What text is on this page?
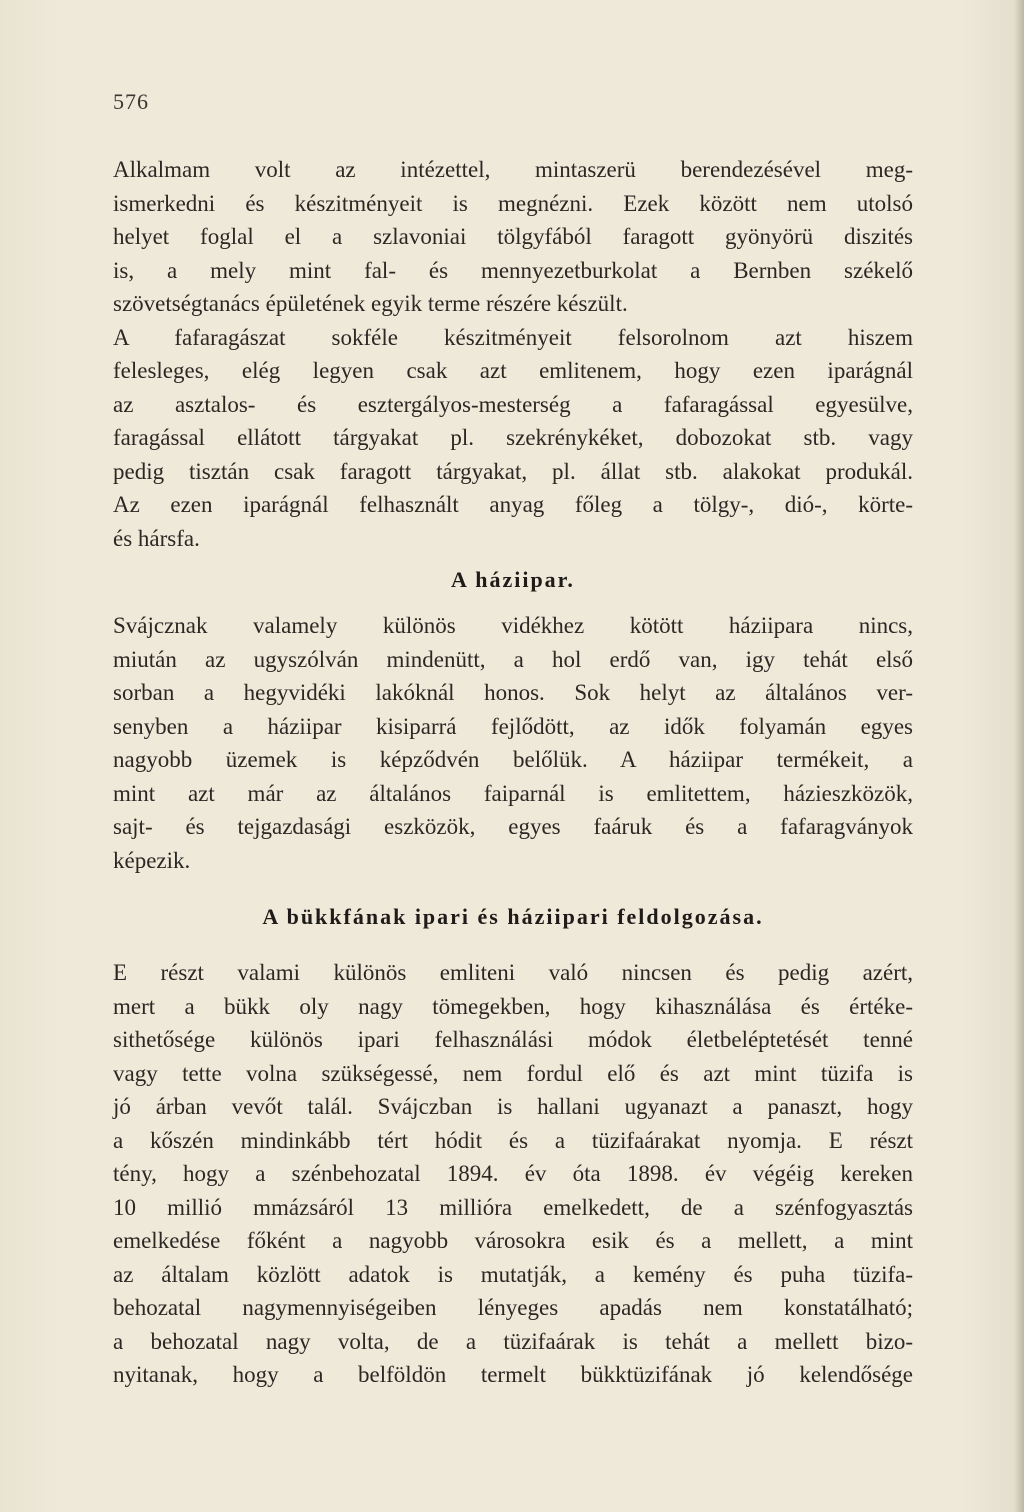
576
Alkalmam volt az intézettel, mintaszerü berendezésével meg-
ismerkedni és készitményeit is megnézni. Ezek között nem utolsó
helyet foglal el a szlavoniai tölgyfából faragott gyönyörü diszités
is, a mely mint fal- és mennyezetburkolat a Bernben székelő
szövetségtanács épületének egyik terme részére készült.
A fafaragászat sokféle készitményeit felsorolnom azt hiszem
felesleges, elég legyen csak azt emlitenem, hogy ezen iparágnál
az asztalos- és esztergályos-mesterség a fafaragással egyesülve,
faragással ellátott tárgyakat pl. szekrénykéket, dobozokat stb. vagy
pedig tisztán csak faragott tárgyakat, pl. állat stb. alakokat produkál.
Az ezen iparágnál felhasznált anyag főleg a tölgy-, dió-, körte-
és hársfa.
A háziipar.
Svájcznak valamely különös vidékhez kötött háziipara nincs,
miután az ugyszólván mindenütt, a hol erdő van, igy tehát első
sorban a hegyvidéki lakóknál honos. Sok helyt az általános ver-
senyben a háziipar kisiparrá fejlődött, az idők folyamán egyes
nagyobb üzemek is képződvén belőlük. A háziipar termékeit, a
mint azt már az általános faiparnál is emlitettem, házieszközök,
sajt- és tejgazdasági eszközök, egyes faáruk és a fafaragványok
képezik.
A bükkfának ipari és háziipari feldolgozása.
E részt valami különös emliteni való nincsen és pedig azért,
mert a bükk oly nagy tömegekben, hogy kihasználása és értéke-
sithetősége különös ipari felhasználási módok életbeléptetését tenné
vagy tette volna szükségessé, nem fordul elő és azt mint tüzifa is
jó árban vevőt talál. Svájczban is hallani ugyanazt a panaszt, hogy
a kőszén mindinkább tért hódit és a tüzifaárakat nyomja. E részt
tény, hogy a szénbehozatal 1894. év óta 1898. év végéig kereken
10 millió mmázsáról 13 millióra emelkedett, de a szénfogyasztás
emelkedése főként a nagyobb városokra esik és a mellett, a mint
az általam közlött adatok is mutatják, a kemény és puha tüzifa-
behozatal nagymennyiségeiben lényeges apadás nem konstatálható;
a behozatal nagy volta, de a tüzifaárak is tehát a mellett bizo-
nyitanak, hogy a belföldön termelt bükktüzifának jó kelendősége
